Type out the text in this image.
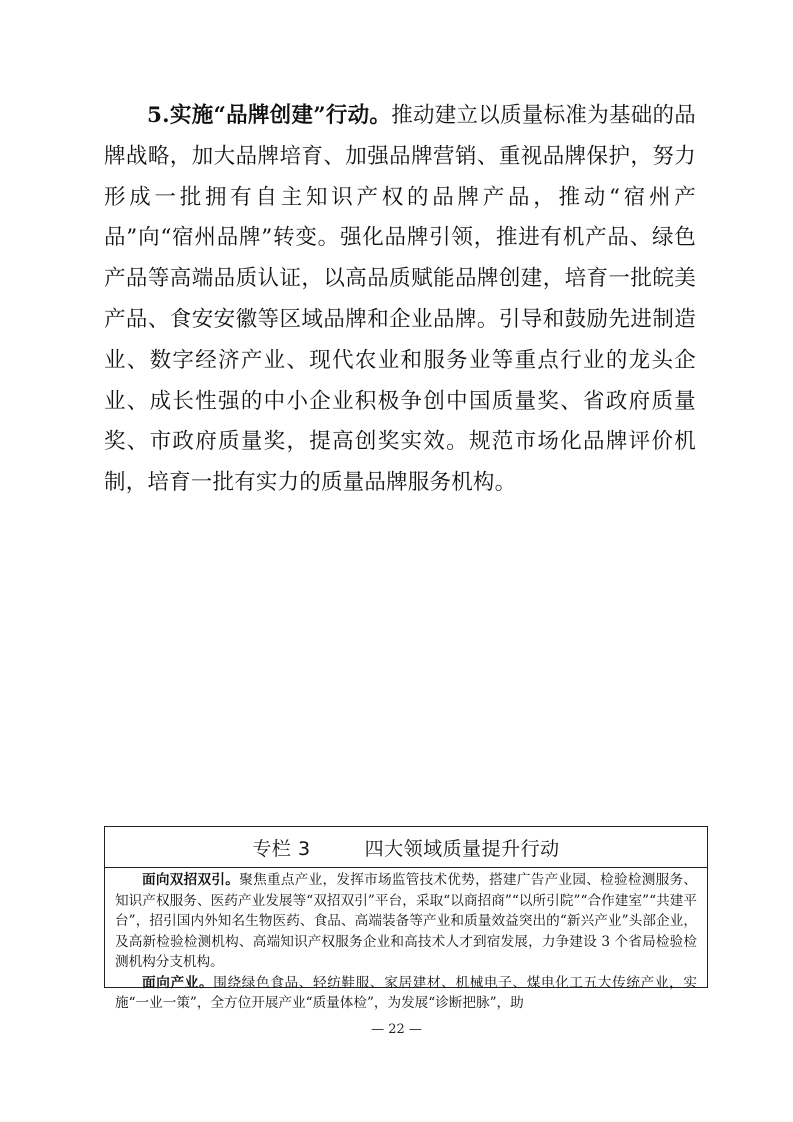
5.实施“品牌创建”行动。推动建立以质量标准为基础的品牌战略，加大品牌培育、加强品牌营销、重视品牌保护，努力形成一批拥有自主知识产权的品牌产品，推动“宿州产品”向“宿州品牌”转变。强化品牌引领，推进有机产品、绿色产品等高端品质认证，以高品质赋能品牌创建，培育一批皖美产品、食安安徽等区域品牌和企业品牌。引导和鼓励先进制造业、数字经济产业、现代农业和服务业等重点行业的龙头企业、成长性强的中小企业积极争创中国质量奖、省政府质量奖、市政府质量奖，提高创奖实效。规范市场化品牌评价机制，培育一批有实力的质量品牌服务机构。

专栏 3	四大领域质量提升行动

面向双招双引。聚焦重点产业，发挥市场监管技术优势，搭建广告产业园、检验检测服务、知识产权服务、医药产业发展等“双招双引”平台，采取“以商招商”“以所引院”“合作建室”“共建平台”，招引国内外知名生物医药、食品、高端装备等产业和质量效益突出的“新兴产业”头部企业，及高新检验检测机构、高端知识产权服务企业和高技术人才到宿发展，力争建设 3 个省局检验检测机构分支机构。

面向产业。围绕绿色食品、轻纺鞋服、家居建材、机械电子、煤电化工五大传统产业，实施“一业一策”，全方位开展产业“质量体检”，为发展“诊断把脉”，助

— 22 —
